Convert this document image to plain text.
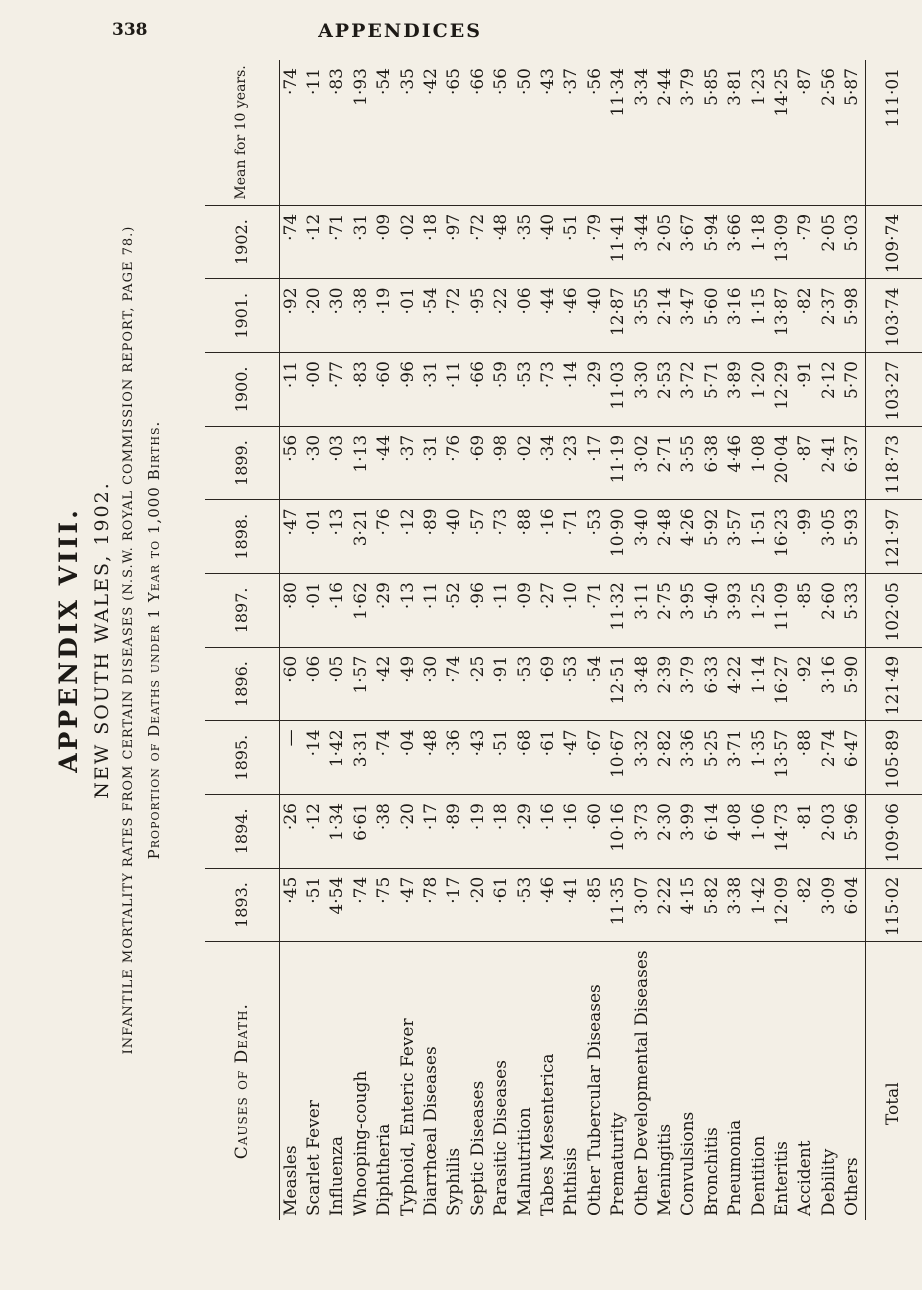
338	APPENDICES
APPENDIX VIII. NEW SOUTH WALES, 1902. INFANTILE MORTALITY RATES FROM CERTAIN DISEASES (N.S.W. ROYAL COMMISSION REPORT, PAGE 78.) Proportion of Deaths under 1 Year to 1,000 Births.
Causes of Death.	1893.	1894.	1895.	1896.	1897.	1898.	1899.	1900.	1901.	1902.	Mean for 10 years.
Measles	·45	·26	—	·60	·80	·47	·56	·11	·92	·74	·74
Scarlet Fever	·51	·12	·14	·06	·01	·01	·30	·00	·20	·12	·11
Influenza	4·54	1·34	1·42	·05	·16	·13	·03	·77	·30	·71	·83
Whooping-cough	·74	6·61	3·31	1·57	1·62	3·21	1·13	·83	·38	·31	1·93
Diphtheria	·75	·38	·74	·42	·29	·76	·44	·60	·19	·09	·54
Typhoid, Enteric Fever	·47	·20	·04	·49	·13	·12	·37	·96	·01	·02	·35
Diarrhœal Diseases	·78	·17	·48	·30	·11	·89	·31	·31	·54	·18	·42
Syphilis	·17	·89	·36	·74	·52	·40	·76	·11	·72	·97	·65
Septic Diseases	·20	·19	·43	·25	·96	·57	·69	·66	·95	·72	·66
Parasitic Diseases	·61	·18	·51	·91	·11	·73	·98	·59	·22	·48	·56
Malnutrition	·53	·29	·68	·53	·09	·88	·02	·53	·06	·35	·50
Tabes Mesenterica	·46	·16	·61	·69	·27	·16	·34	·73	·44	·40	·43
Phthisis	·41	·16	·47	·53	·10	·71	·23	·14	·46	·51	·37
Other Tubercular Diseases	·85	·60	·67	·54	·71	·53	·17	·29	·40	·79	·56
Prematurity	11·35	10·16	10·67	12·51	11·32	10·90	11·19	11·03	12·87	11·41	11·34
Other Developmental Diseases	3·07	3·73	3·32	3·48	3·11	3·40	3·02	3·30	3·55	3·44	3·34
Meningitis	2·22	2·30	2·82	2·39	2·75	2·48	2·71	2·53	2·14	2·05	2·44
Convulsions	4·15	3·99	3·36	3·79	3·95	4·26	3·55	3·72	3·47	3·67	3·79
Bronchitis	5·82	6·14	5·25	6·33	5·40	5·92	6·38	5·71	5·60	5·94	5·85
Pneumonia	3·38	4·08	3·71	4·22	3·93	3·57	4·46	3·89	3·16	3·66	3·81
Dentition	1·42	1·06	1·35	1·14	1·25	1·51	1·08	1·20	1·15	1·18	1·23
Enteritis	12·09	14·73	13·57	16·27	11·09	16·23	20·04	12·29	13·87	13·09	14·25
Accident	·82	·81	·88	·92	·85	·99	·87	·91	·82	·79	·87
Debility	3·09	2·03	2·74	3·16	2·60	3·05	2·41	2·12	2·37	2·05	2·56
Others	6·04	5·96	6·47	5·90	5·33	5·93	6·37	5·70	5·98	5·03	5·87
Total	115·02	109·06	105·89	121·49	102·05	121·97	118·73	103·27	103·74	109·74	111·01
